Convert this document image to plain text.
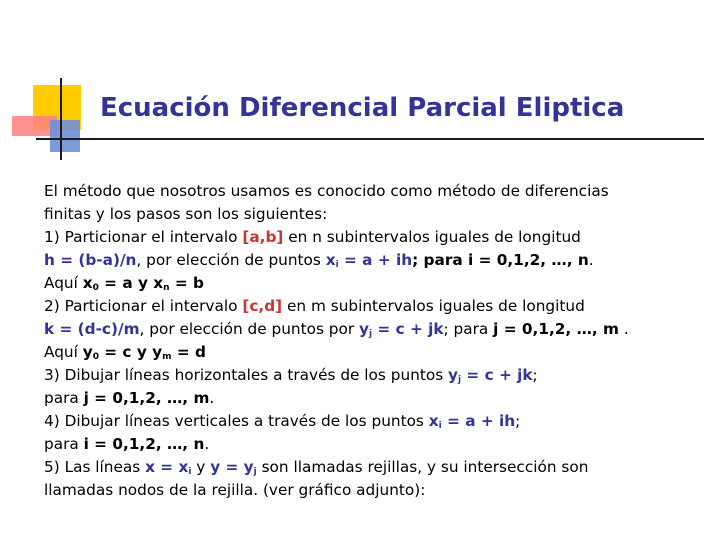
Ecuación Diferencial Parcial Eliptica
El método que nosotros usamos es conocido como método de diferencias
finitas y los pasos son los siguientes:
1) Particionar el intervalo [a,b] en n subintervalos iguales de longitud
h = (b-a)/n, por elección de puntos $x_i = a$ + ih; para i = 0,1,2, …, n.
Aquí $x_0 = a$ y $x_n = b$
2) Particionar el intervalo [c,d] en m subintervalos iguales de longitud
k = (d-c)/m, por elección de puntos por $y_j = c$ + jk; para j = 0,1,2, …, m .
Aquí $y_0 = c$ y $y_m = d$
3) Dibujar líneas horizontales a través de los puntos $y_j = c$ + jk;
para j = 0,1,2, …, m.
4) Dibujar líneas verticales a través de los puntos $x_i = a$ + ih;
para i = 0,1,2, …, n.
5) Las líneas $x = x_i$ y $y = y_j$ son llamadas rejillas, y su intersección son
llamadas nodos de la rejilla. (ver gráfico adjunto):
